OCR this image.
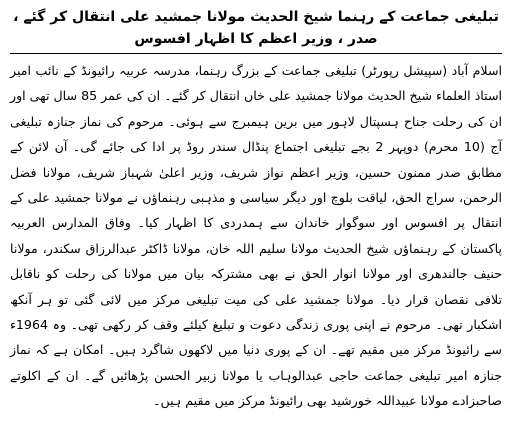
تبلیغی جماعت کے رہنما شیخ الحدیث مولانا جمشید علی انتقال کر گئے ، صدر ، وزیر اعظم کا اظہار افسوس

اسلام آباد (سپیشل رپورٹر) تبلیغی جماعت کے بزرگ رہنما، مدرسہ عربیہ رائیونڈ کے نائب امیر استاذ العلماء شیخ الحدیث مولانا جمشید علی خاں انتقال کر گئے۔ ان کی عمر 85 سال تھی اور ان کی رحلت جناح ہسپتال لاہور میں برین ہیمبرج سے ہوئی۔ مرحوم کی نماز جنازہ تبلیغی آج (10 محرم) دوپہر 2 بجے تبلیغی اجتماع پنڈال سندر روڈ پر ادا کی جائے گی۔ آن لائن کے مطابق صدر ممنون حسین، وزیر اعظم نواز شریف، وزیر اعلیٰ شہباز شریف، مولانا فضل الرحمن، سراج الحق، لیاقت بلوچ اور دیگر سیاسی و مذہبی رہنماؤں نے مولانا جمشید علی کے انتقال پر افسوس اور سوگوار خاندان سے ہمدردی کا اظہار کیا۔ وفاق المدارس العربیہ پاکستان کے رہنماؤں شیخ الحدیث مولانا سلیم اللہ خان، مولانا ڈاکٹر عبدالرزاق سکندر، مولانا حنیف جالندھری اور مولانا انوار الحق نے بھی مشترکہ بیان میں مولانا کی رحلت کو ناقابل تلافی نقصان قرار دیا۔ مولانا جمشید علی کی میت تبلیغی مرکز میں لائی گئی تو ہر آنکھ اشکبار تھی۔ مرحوم نے اپنی پوری زندگی دعوت و تبلیغ کیلئے وقف کر رکھی تھی۔ وہ 1964ء سے رائیونڈ مرکز میں مقیم تھے۔ ان کے پوری دنیا میں لاکھوں شاگرد ہیں۔ امکان ہے کہ نماز جنازہ امیر تبلیغی جماعت حاجی عبدالوہاب یا مولانا زبیر الحسن پڑھائیں گے۔ ان کے اکلوتے صاحبزادے مولانا عبیداللہ خورشید بھی رائیونڈ مرکز میں مقیم ہیں۔
